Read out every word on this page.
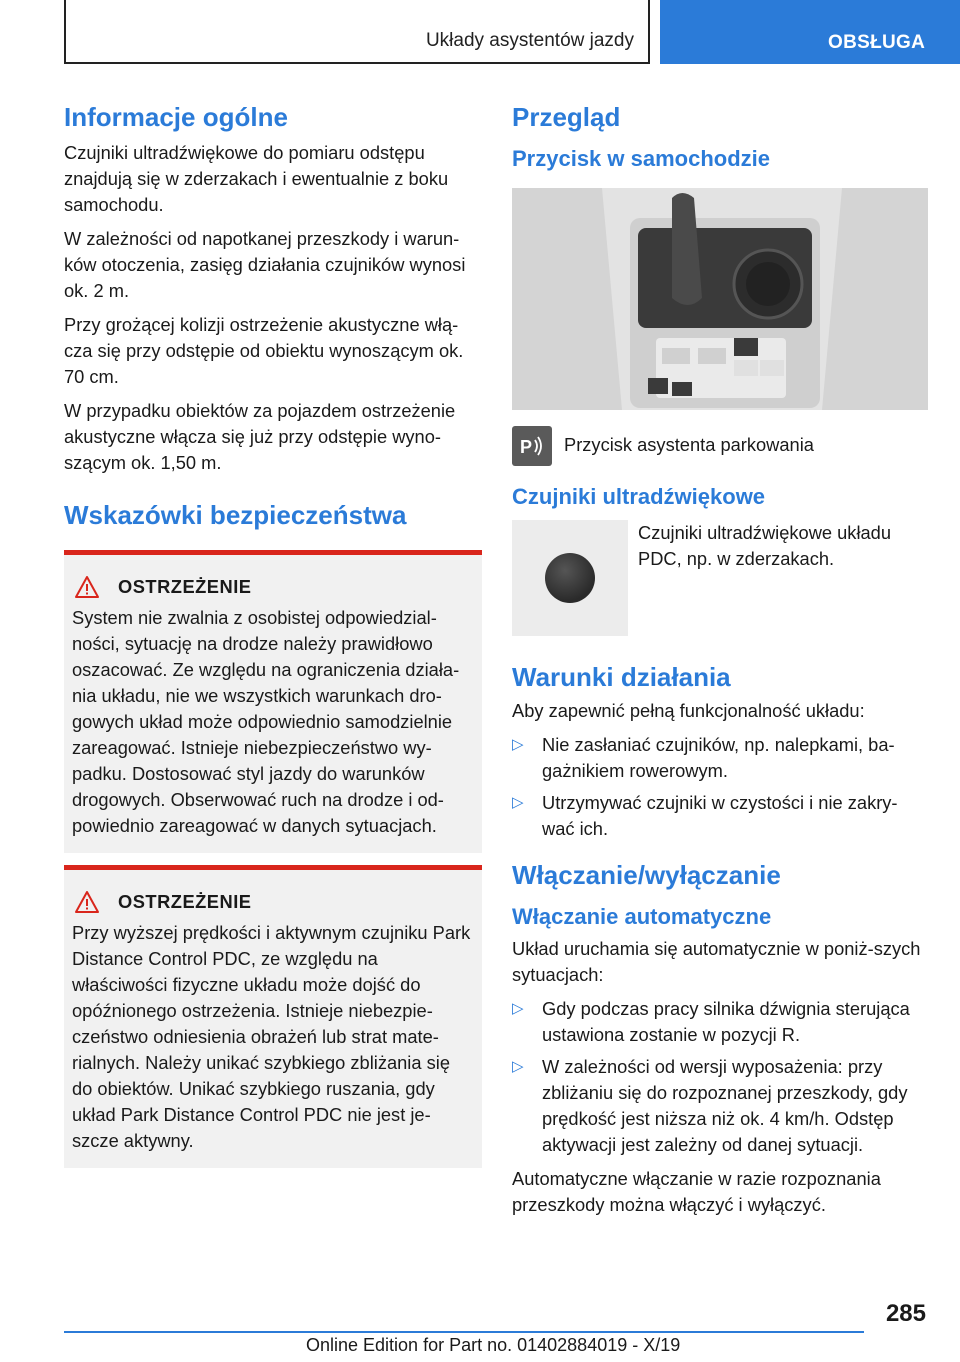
Układy asystentów jazdy	OBSŁUGA
Informacje ogólne

Czujniki ultradźwiękowe do pomiaru odstępu znajdują się w zderzakach i ewentualnie z boku samochodu.

W zależności od napotkanej przeszkody i warun-ków otoczenia, zasięg działania czujników wynosi ok. 2 m.

Przy grożącej kolizji ostrzeżenie akustyczne włą-cza się przy odstępie od obiektu wynoszącym ok. 70 cm.

W przypadku obiektów za pojazdem ostrzeżenie akustyczne włącza się już przy odstępie wyno-szącym ok. 1,50 m.

Wskazówki bezpieczeństwa
OSTRZEŻENIE

System nie zwalnia z osobistej odpowiedzial-ności, sytuację na drodze należy prawidłowo oszacować. Ze względu na ograniczenia działa-nia układu, nie we wszystkich warunkach dro-gowych układ może odpowiednio samodzielnie zareagować. Istnieje niebezpieczeństwo wy-padku. Dostosować styl jazdy do warunków drogowych. Obserwować ruch na drodze i od-powiednio zareagować w danych sytuacjach.

OSTRZEŻENIE

Przy wyższej prędkości i aktywnym czujniku Park Distance Control PDC, ze względu na właściwości fizyczne układu może dojść do opóźnionego ostrzeżenia. Istnieje niebezpie-czeństwo odniesienia obrażeń lub strat mate-rialnych. Należy unikać szybkiego zbliżania się do obiektów. Unikać szybkiego ruszania, gdy układ Park Distance Control PDC nie jest je-szcze aktywny.

Przegląd
Przycisk w samochodzie
P Przycisk asystenta parkowania

Czujniki ultradźwiękowe

Czujniki ultradźwiękowe układu PDC, np. w zderzakach.

Warunki działania

Aby zapewnić pełną funkcjonalność układu:

▷ Nie zasłaniać czujników, np. nalepkami, ba-gażnikiem rowerowym.
▷ Utrzymywać czujniki w czystości i nie zakry-wać ich.
Włączanie/wyłączanie
Włączanie automatyczne

Układ uruchamia się automatycznie w poniż-szych sytuacjach:

▷ Gdy podczas pracy silnika dźwignia sterująca ustawiona zostanie w pozycji R.
▷ W zależności od wersji wyposażenia: przy zbliżaniu się do rozpoznanej przeszkody, gdy prędkość jest niższa niż ok. 4 km/h. Odstęp aktywacji jest zależny od danej sytuacji.

Automatyczne włączanie w razie rozpoznania przeszkody można włączyć i wyłączyć.

285
Online Edition for Part no. 01402884019 - X/19
